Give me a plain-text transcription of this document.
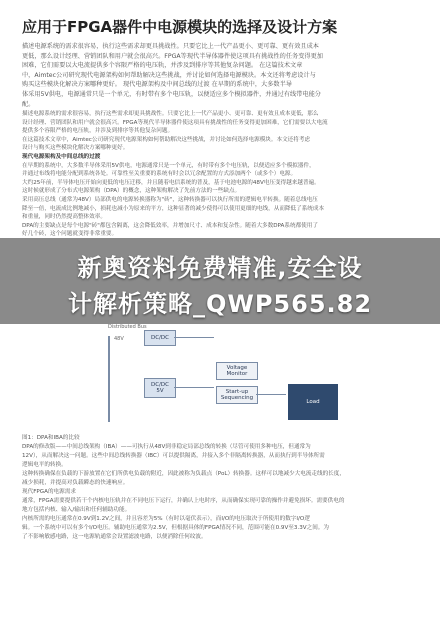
应用于FPGA器件中电源模块的选择及设计方案
描述电源系统的需求很容易，执行这些需求却更具挑战性。只要它比上一代产品更小、更可靠、更有效且成本
更低，那么设计经理、营销团队和用户就会很高兴。FPGA等现代半导体器件使这项具有挑战性的任务变得更加
困难，它们需要以大电流提供多个容限严格的电压轨，并涉及到排序等其他复杂问题。 在这篇技术文章
中，Aimtec公司研究现代电源架构如何帮助解决这些挑战，并讨论如何选择电源模块。本文还将考虑设计与
购买这些模块化解决方案哪种更好。 现代电源架构及中间总线的过渡 在早期的系统中，大多数半导
体采用5V供电，电源通常只是一个单元，有时带有多个电压轨，以便适应多个模拟器件，并通过有线带电能分
配。
描述电源系统的需求很容易，执行这些需求却更具挑战性。只要它比上一代产品更小、更可靠、更有效且成本更低，那么
设计经理、营销团队和用户就会很高兴。FPGA等现代半导体器件使这项具有挑战性的任务变得更加困难，它们需要以大电流
提供多个容限严格的电压轨，并涉及到排序等其他复杂问题。
在这篇技术文章中，Aimtec公司研究现代电源架构如何帮助解决这些挑战，并讨论如何选择电源模块。本文还将考虑
设计与购买这些模块化解决方案哪种更好。
现代电源架构及中间总线的过渡
在早期的系统中，大多数半导体采用5V供电，电源通常只是一个单元，有时带有多个电压轨，以便适应多个模拟器件，
并通过布线将电能分配到系统各处。可靠性至关重要的系统有时会以冗余配置的方式添加两个（或多个）电源。
大约25年前，半导体电压开始向更低的电压迁移，并且随着电信系统的普及，基于电池电源的48V电压变得越来越普遍。
这时候就形成了分布式电源架构（DPA）的概念，这种架构解决了先前方法的一些缺点。
采用高压总线（通常为48V）局部供电的电源转换器称为"砖"，这种转换器可以执行所需的逻辑电平转换。随着总线电压
降至一倍，电流成比例地减小，损耗也减小为原来的平方，这种显著的减少使得可以使用更细的电线，从而降低了系统成本
和重量，同时仍然提高整体效率。
DPA的主要缺点是每个电源"砖"都包含隔离，这会降低效率，并增加尺寸、成本和复杂性。随着大多数DPA系统都使用了
好几个砖，这个问题就变得非常重要。
Distributed Bus
48V	DC/DC
DC/DC
5V
Voltage
Monitor
Start-up
Sequencing
Load
图1：DPA和IBA的比较
DPA的修改版——中间总线架构（IBA）——可执行从48V到非稳定局部总线的转换（尽管可使用多种电压，但通常为
12V），从而解决这一问题。这些中间总线转换器（IBC）可以提供隔离，并接入多个非隔离转换器，从而执行到半导体所需
逻辑电平的转换。
这种转换确保在负载的下游放置在它们所供电负载的附近，因此被称为负载点（PoL）转换器。这样可以地减少大电流走线的长度，
减少损耗，并提高对负载瞬态的快速响应。
现代FPGA的电源需求
通常，FPGA需要提供若干个内核电压轨并在不同电压下运行，并确认上电时序，从而确保实现可靠的操作并避免损坏。需要供电的
地方包括内核、输入/输出和任何辅助功能。
内核所需的电压通常在0.9V到1.2V之间，并且容差为5%（有时以毫伏表示），而I/O的电压取决于所使用的数字I/O逻
辑。一个系统中可以有多个I/O电压。辅助电压通常为2.5V，但根据具体的FPGA情况不同，范围可能在0.9V至3.3V之间。为
了不影响敏感电路，这一电源轨通常会设置滤波电路，以便消除任何纹波。
新奥资料免费精准,安全设
计解析策略_QWP565.82
